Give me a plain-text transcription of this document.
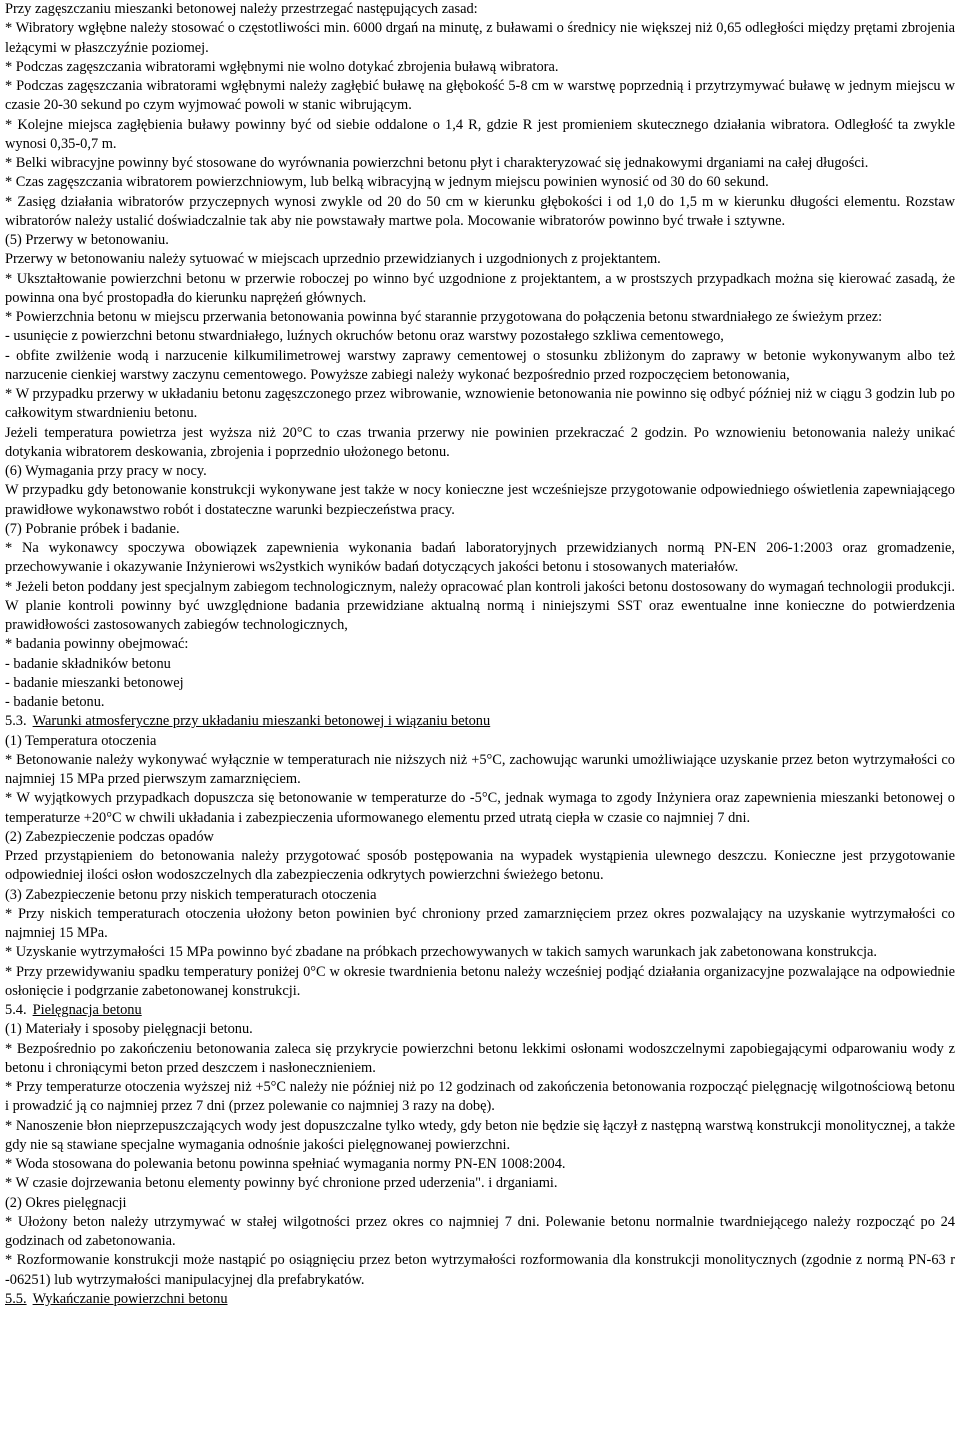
Przy zagęszczaniu mieszanki betonowej należy przestrzegać następujących zasad:

* Wibratory wgłębne należy stosować o częstotliwości min. 6000 drgań na minutę, z buławami o średnicy nie większej niż 0,65 odległości między prętami zbrojenia leżącymi w płaszczyźnie poziomej.

* Podczas zagęszczania wibratorami wgłębnymi nie wolno dotykać zbrojenia buławą wibratora.

* Podczas zagęszczania wibratorami wgłębnymi należy zagłębić buławę na głębokość 5-8 cm w warstwę poprzednią i przytrzymywać buławę w jednym miejscu w czasie 20-30 sekund po czym wyjmować powoli w stanic wibrującym.

* Kolejne miejsca zagłębienia buławy powinny być od siebie oddalone o 1,4 R, gdzie R jest promieniem skutecznego działania wibratora. Odległość ta zwykle wynosi 0,35-0,7 m.

* Belki wibracyjne powinny być stosowane do wyrównania powierzchni betonu płyt i charakteryzować się jednakowymi drganiami na całej długości.

* Czas zagęszczania wibratorem powierzchniowym, lub belką wibracyjną w jednym miejscu powinien wynosić od 30 do 60 sekund.

* Zasięg działania wibratorów przyczepnych wynosi zwykle od 20 do 50 cm w kierunku głębokości i od 1,0 do 1,5 m w kierunku długości elementu. Rozstaw wibratorów należy ustalić doświadczalnie tak aby nie powstawały martwe pola. Mocowanie wibratorów powinno być trwałe i sztywne.

(5) Przerwy w betonowaniu.

Przerwy w betonowaniu należy sytuować w miejscach uprzednio przewidzianych i uzgodnionych z projektantem.

* Ukształtowanie powierzchni betonu w przerwie roboczej po winno być uzgodnione z projektantem, a w prostszych przypadkach można się kierować zasadą, że powinna ona być prostopadła do kierunku naprężeń głównych.

* Powierzchnia betonu w miejscu przerwania betonowania powinna być starannie przygotowana do połączenia betonu stwardniałego ze świeżym przez:

- usunięcie z powierzchni betonu stwardniałego, luźnych okruchów betonu oraz warstwy pozostałego szkliwa cementowego,

- obfite zwilżenie wodą i narzucenie kilkumilimetrowej warstwy zaprawy cementowej o stosunku zbliżonym do zaprawy w betonie wykonywanym albo też narzucenie cienkiej warstwy zaczynu cementowego. Powyższe zabiegi należy wykonać bezpośrednio przed rozpoczęciem betonowania,

* W przypadku przerwy w układaniu betonu zagęszczonego przez wibrowanie, wznowienie betonowania nie powinno się odbyć później niż w ciągu 3 godzin lub po całkowitym stwardnieniu betonu.

Jeżeli temperatura powietrza jest wyższa niż 20°C to czas trwania przerwy nie powinien przekraczać 2 godzin. Po wznowieniu betonowania należy unikać dotykania wibratorem deskowania, zbrojenia i poprzednio ułożonego betonu.

(6) Wymagania przy pracy w nocy.

W przypadku gdy betonowanie konstrukcji wykonywane jest także w nocy konieczne jest wcześniejsze przygotowanie odpowiedniego oświetlenia zapewniającego prawidłowe wykonawstwo robót i dostateczne warunki bezpieczeństwa pracy.

(7) Pobranie próbek i badanie.

* Na wykonawcy spoczywa obowiązek zapewnienia wykonania badań laboratoryjnych przewidzianych normą PN-EN 206-1:2003 oraz gromadzenie, przechowywanie i okazywanie Inżynierowi ws2ystkich wyników badań dotyczących jakości betonu i stosowanych materiałów.

* Jeżeli beton poddany jest specjalnym zabiegom technologicznym, należy opracować plan kontroli jakości betonu dostosowany do wymagań technologii produkcji. W planie kontroli powinny być uwzględnione badania przewidziane aktualną normą i niniejszymi SST oraz ewentualne inne konieczne do potwierdzenia prawidłowości zastosowanych zabiegów technologicznych,

* badania powinny obejmować:

- badanie składników betonu

- badanie mieszanki betonowej

- badanie betonu.

5.3. Warunki atmosferyczne przy układaniu mieszanki betonowej i wiązaniu betonu

(1) Temperatura otoczenia

* Betonowanie należy wykonywać wyłącznie w temperaturach nie niższych niż +5°C, zachowując warunki umożliwiające uzyskanie przez beton wytrzymałości co najmniej 15 MPa przed pierwszym zamarznięciem.

* W wyjątkowych przypadkach dopuszcza się betonowanie w temperaturze do -5°C, jednak wymaga to zgody Inżyniera oraz zapewnienia mieszanki betonowej o temperaturze +20°C w chwili układania i zabezpieczenia uformowanego elementu przed utratą ciepła w czasie co najmniej 7 dni.

(2) Zabezpieczenie podczas opadów

Przed przystąpieniem do betonowania należy przygotować sposób postępowania na wypadek wystąpienia ulewnego deszczu. Konieczne jest przygotowanie odpowiedniej ilości osłon wodoszczelnych dla zabezpieczenia odkrytych powierzchni świeżego betonu.

(3) Zabezpieczenie betonu przy niskich temperaturach otoczenia

* Przy niskich temperaturach otoczenia ułożony beton powinien być chroniony przed zamarznięciem przez okres pozwalający na uzyskanie wytrzymałości co najmniej 15 MPa.

* Uzyskanie wytrzymałości 15 MPa powinno być zbadane na próbkach przechowywanych w takich samych warunkach jak zabetonowana konstrukcja.

* Przy przewidywaniu spadku temperatury poniżej 0°C w okresie twardnienia betonu należy wcześniej podjąć działania organizacyjne pozwalające na odpowiednie osłonięcie i podgrzanie zabetonowanej konstrukcji.

5.4. Pielęgnacja betonu

(1) Materiały i sposoby pielęgnacji betonu.

* Bezpośrednio po zakończeniu betonowania zaleca się przykrycie powierzchni betonu lekkimi osłonami wodoszczelnymi zapobiegającymi odparowaniu wody z betonu i chroniącymi beton przed deszczem i nasłonecznieniem.

* Przy temperaturze otoczenia wyższej niż +5°C należy nie później niż po 12 godzinach od zakończenia betonowania rozpocząć pielęgnację wilgotnościową betonu i prowadzić ją co najmniej przez 7 dni (przez polewanie co najmniej 3 razy na dobę).

* Nanoszenie błon nieprzepuszczających wody jest dopuszczalne tylko wtedy, gdy beton nie będzie się łączył z następną warstwą konstrukcji monolitycznej, a także gdy nie są stawiane specjalne wymagania odnośnie jakości pielęgnowanej powierzchni.

* Woda stosowana do polewania betonu powinna spełniać wymagania normy PN-EN 1008:2004.

* W czasie dojrzewania betonu elementy powinny być chronione przed uderzenia". i drganiami.

(2) Okres pielęgnacji

* Ułożony beton należy utrzymywać w stałej wilgotności przez okres co najmniej 7 dni. Polewanie betonu normalnie twardniejącego należy rozpocząć po 24 godzinach od zabetonowania.

* Rozformowanie konstrukcji może nastąpić po osiągnięciu przez beton wytrzymałości rozformowania dla konstrukcji monolitycznych (zgodnie z normą PN-63 r -06251) lub wytrzymałości manipulacyjnej dla prefabrykatów.

5.5. Wykańczanie powierzchni betonu
